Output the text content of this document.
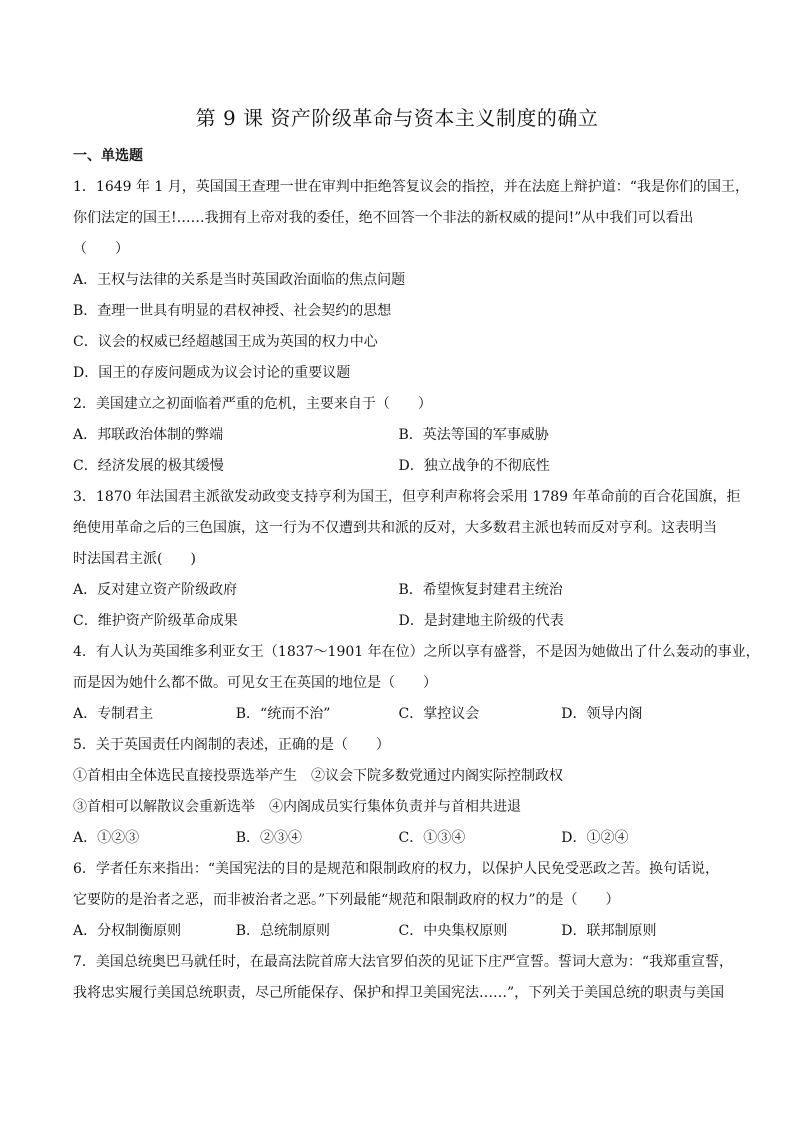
第 9 课 资产阶级革命与资本主义制度的确立
一、单选题
1．1649 年 1 月，英国国王查理一世在审判中拒绝答复议会的指控，并在法庭上辩护道：“我是你们的国王，
你们法定的国王!……我拥有上帝对我的委任，绝不回答一个非法的新权威的提问!”从中我们可以看出
（　　）
A．王权与法律的关系是当时英国政治面临的焦点问题
B．查理一世具有明显的君权神授、社会契约的思想
C．议会的权威已经超越国王成为英国的权力中心
D．国王的存废问题成为议会讨论的重要议题
2．美国建立之初面临着严重的危机，主要来自于（　　）
A．邦联政治体制的弊端	B．英法等国的军事威胁
C．经济发展的极其缓慢	D．独立战争的不彻底性
3．1870 年法国君主派欲发动政变支持亨利为国王，但亨利声称将会采用 1789 年革命前的百合花国旗，拒
绝使用革命之后的三色国旗，这一行为不仅遭到共和派的反对，大多数君主派也转而反对亨利。这表明当
时法国君主派(　　)
A．反对建立资产阶级政府	B．希望恢复封建君主统治
C．维护资产阶级革命成果	D．是封建地主阶级的代表
4．有人认为英国维多利亚女王（1837～1901 年在位）之所以享有盛誉，不是因为她做出了什么轰动的事业，
而是因为她什么都不做。可见女王在英国的地位是（　　）
A．专制君主	B．“统而不治”	C．掌控议会	D．领导内阁
5．关于英国责任内阁制的表述，正确的是（　　）
①首相由全体选民直接投票选举产生　②议会下院多数党通过内阁实际控制政权
③首相可以解散议会重新选举　④内阁成员实行集体负责并与首相共进退
A．①②③	B．②③④	C．①③④	D．①②④
6．学者任东来指出：“美国宪法的目的是规范和限制政府的权力，以保护人民免受恶政之苦。换句话说，
它要防的是治者之恶，而非被治者之恶。”下列最能“规范和限制政府的权力”的是（　　）
A．分权制衡原则	B．总统制原则	C．中央集权原则	D．联邦制原则
7．美国总统奥巴马就任时，在最高法院首席大法官罗伯茨的见证下庄严宣誓。誓词大意为：“我郑重宣誓，
我将忠实履行美国总统职责，尽己所能保存、保护和捍卫美国宪法……”，下列关于美国总统的职责与美国
